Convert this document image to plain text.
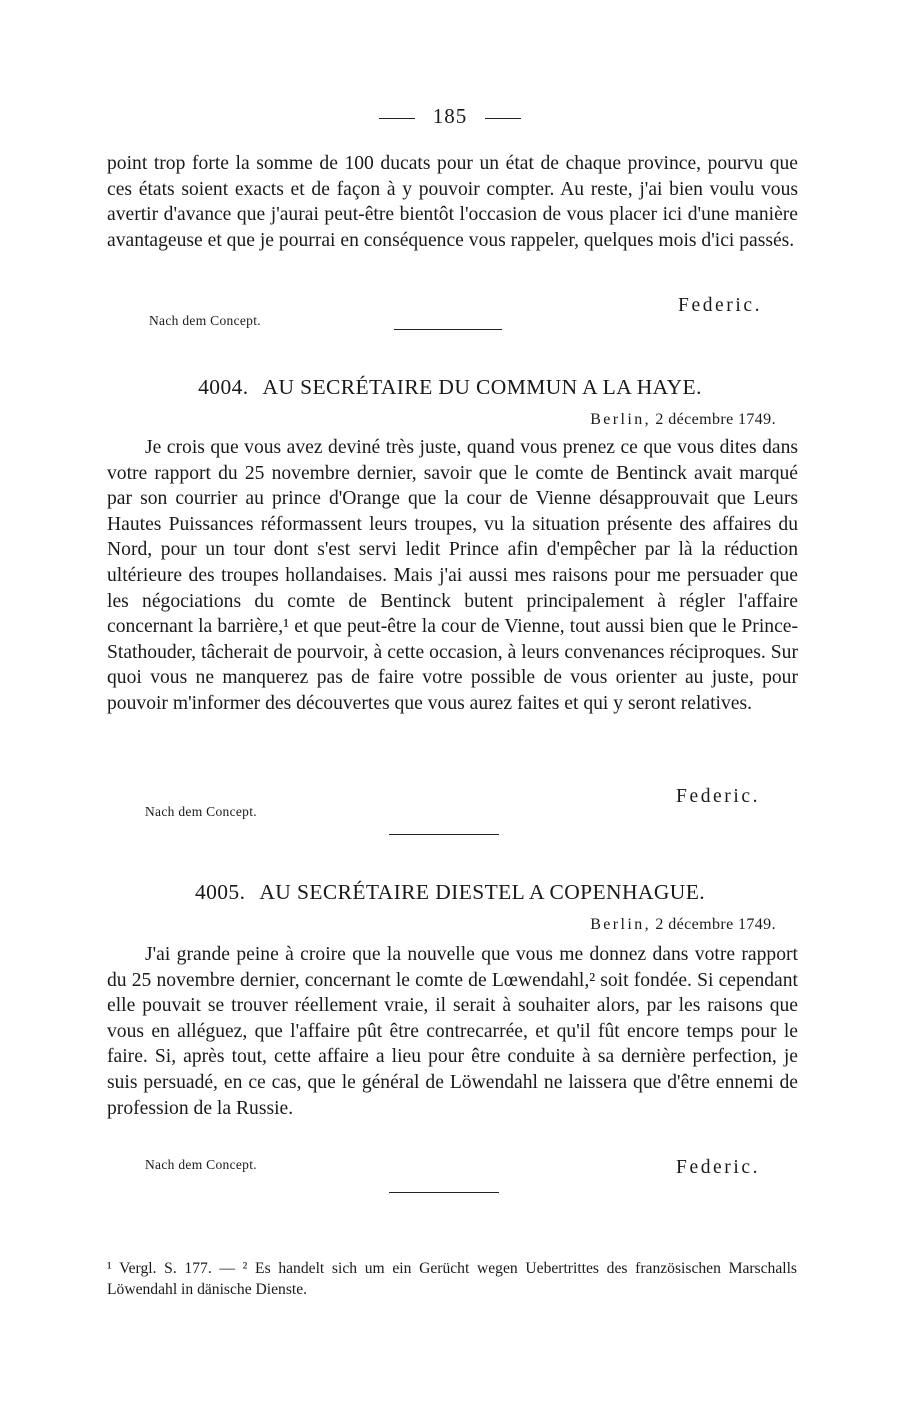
185

point trop forte la somme de 100 ducats pour un état de chaque province, pourvu que ces états soient exacts et de façon à y pouvoir compter. Au reste, j'ai bien voulu vous avertir d'avance que j'aurai peut-être bientôt l'occasion de vous placer ici d'une manière avantageuse et que je pourrai en conséquence vous rappeler, quelques mois d'ici passés.

Federic.
Nach dem Concept.
4004. AU SECRÉTAIRE DU COMMUN A LA HAYE.
Berlin, 2 décembre 1749.

Je crois que vous avez deviné très juste, quand vous prenez ce que vous dites dans votre rapport du 25 novembre dernier, savoir que le comte de Bentinck avait marqué par son courrier au prince d'Orange que la cour de Vienne désapprouvait que Leurs Hautes Puissances réformassent leurs troupes, vu la situation présente des affaires du Nord, pour un tour dont s'est servi ledit Prince afin d'empêcher par là la réduction ultérieure des troupes hollandaises. Mais j'ai aussi mes raisons pour me persuader que les négociations du comte de Bentinck butent principalement à régler l'affaire concernant la barrière,¹ et que peut-être la cour de Vienne, tout aussi bien que le Prince-Stathouder, tâcherait de pourvoir, à cette occasion, à leurs convenances réciproques. Sur quoi vous ne manquerez pas de faire votre possible de vous orienter au juste, pour pouvoir m'informer des découvertes que vous aurez faites et qui y seront relatives.

Federic.
Nach dem Concept.
4005. AU SECRÉTAIRE DIESTEL A COPENHAGUE.
Berlin, 2 décembre 1749.

J'ai grande peine à croire que la nouvelle que vous me donnez dans votre rapport du 25 novembre dernier, concernant le comte de Lœwendahl,² soit fondée. Si cependant elle pouvait se trouver réellement vraie, il serait à souhaiter alors, par les raisons que vous en alléguez, que l'affaire pût être contrecarrée, et qu'il fût encore temps pour le faire. Si, après tout, cette affaire a lieu pour être conduite à sa dernière perfection, je suis persuadé, en ce cas, que le général de Löwendahl ne laissera que d'être ennemi de profession de la Russie.

Federic.
Nach dem Concept.

¹ Vergl. S. 177. — ² Es handelt sich um ein Gerücht wegen Uebertrittes des französischen Marschalls Löwendahl in dänische Dienste.
